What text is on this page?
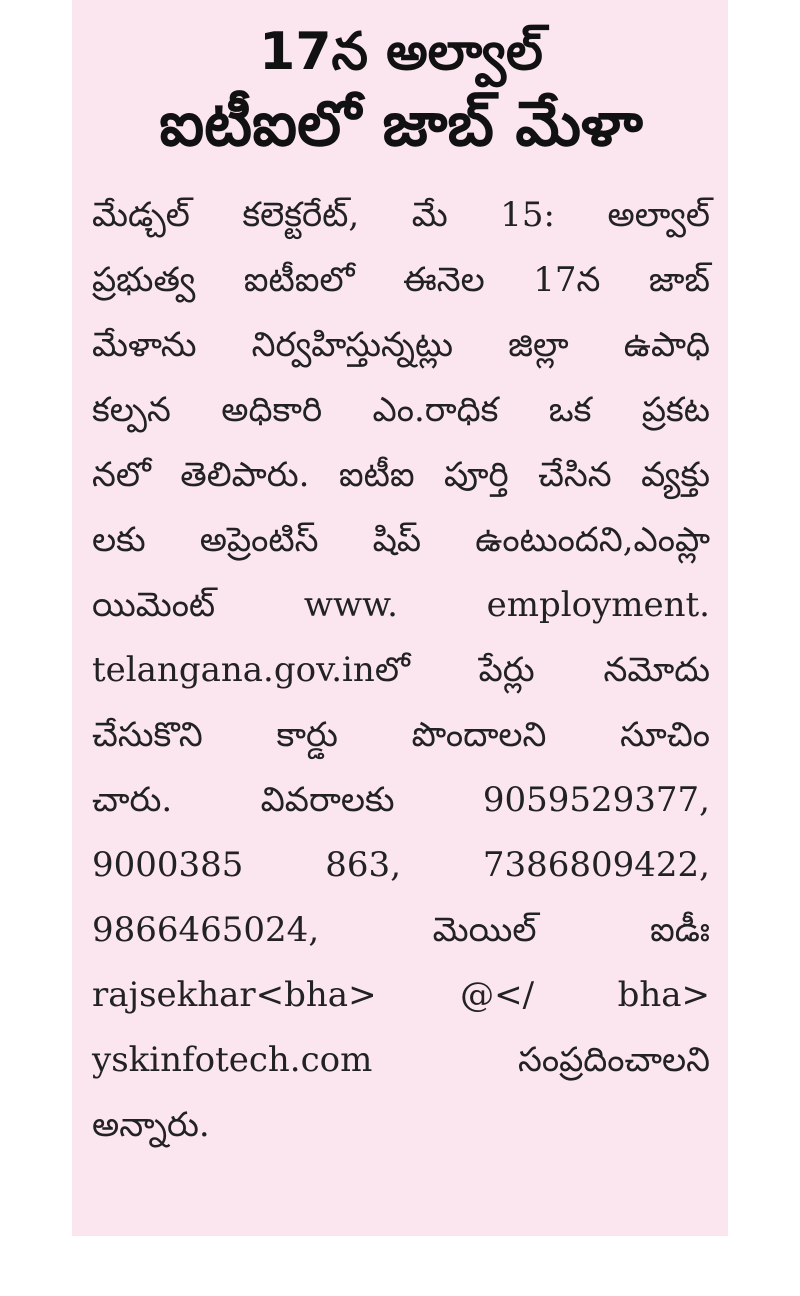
17న అల్వాల్
ఐటీఐలో జాబ్ మేళా
మేడ్చల్ కలెక్టరేట్, మే 15: అల్వాల్
ప్రభుత్వ ఐటీఐలో ఈనెల 17న జాబ్
మేళాను నిర్వహిస్తున్నట్లు జిల్లా ఉపాధి
కల్పన అధికారి ఎం.రాధిక ఒక ప్రకట
నలో తెలిపారు. ఐటీఐ పూర్తి చేసిన వ్యక్తు
లకు అప్రెంటిస్ షిప్ ఉంటుందని,ఎంప్లా
యిమెంట్ www. employment.
telangana.gov.inలో పేర్లు నమోదు
చేసుకొని కార్డు పొందాలని సూచిం
చారు. వివరాలకు 9059529377,
9000385 863, 7386809422,
9866465024, మెయిల్ ఐడీః
rajsekhar<bha> @</ bha>
yskinfotech.com సంప్రదించాలని
అన్నారు.
